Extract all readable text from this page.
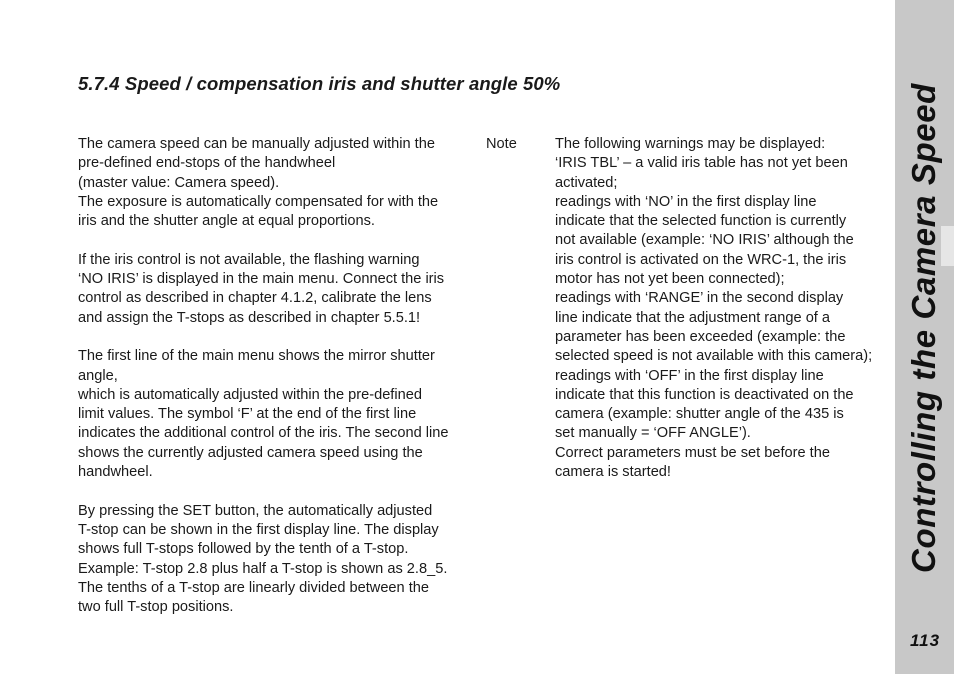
5.7.4 Speed / compensation iris and shutter angle 50%

The camera speed can be manually adjusted within the
pre-defined end-stops of the handwheel
(master value: Camera speed).
The exposure is automatically compensated for with the
iris and the shutter angle at equal proportions.

If the iris control is not available, the flashing warning
‘NO IRIS’ is displayed in the main menu. Connect the iris
control as described in chapter 4.1.2, calibrate the lens
and assign the T-stops as described in chapter 5.5.1!

The first line of the main menu shows the mirror shutter angle,
which is automatically adjusted within the pre-defined
limit values. The symbol ‘F’ at the end of the first line
indicates the additional control of the iris. The second line
shows the currently adjusted camera speed using the
handwheel.

By pressing the SET button, the automatically adjusted
T-stop can be shown in the first display line. The display
shows full T-stops followed by the tenth of a T-stop.
Example: T-stop 2.8 plus half a T-stop is shown as 2.8_5.
The tenths of a T-stop are linearly divided between the
two full T-stop positions.

Note	The following warnings may be displayed:
‘IRIS TBL’ – a valid iris table has not yet been
activated;
readings with ‘NO’ in the first display line
indicate that the selected function is currently
not available (example: ‘NO IRIS’ although the
iris control is activated on the WRC-1, the iris
motor has not yet been connected);
readings with ‘RANGE’ in the second display
line indicate that the adjustment range of a
parameter has been exceeded (example: the
selected speed is not available with this camera);
readings with ‘OFF’ in the first display line
indicate that this function is deactivated on the
camera (example: shutter angle of the 435 is
set manually = ‘OFF ANGLE’).
Correct parameters must be set before the
camera is started!	Controlling the Camera Speed
113
